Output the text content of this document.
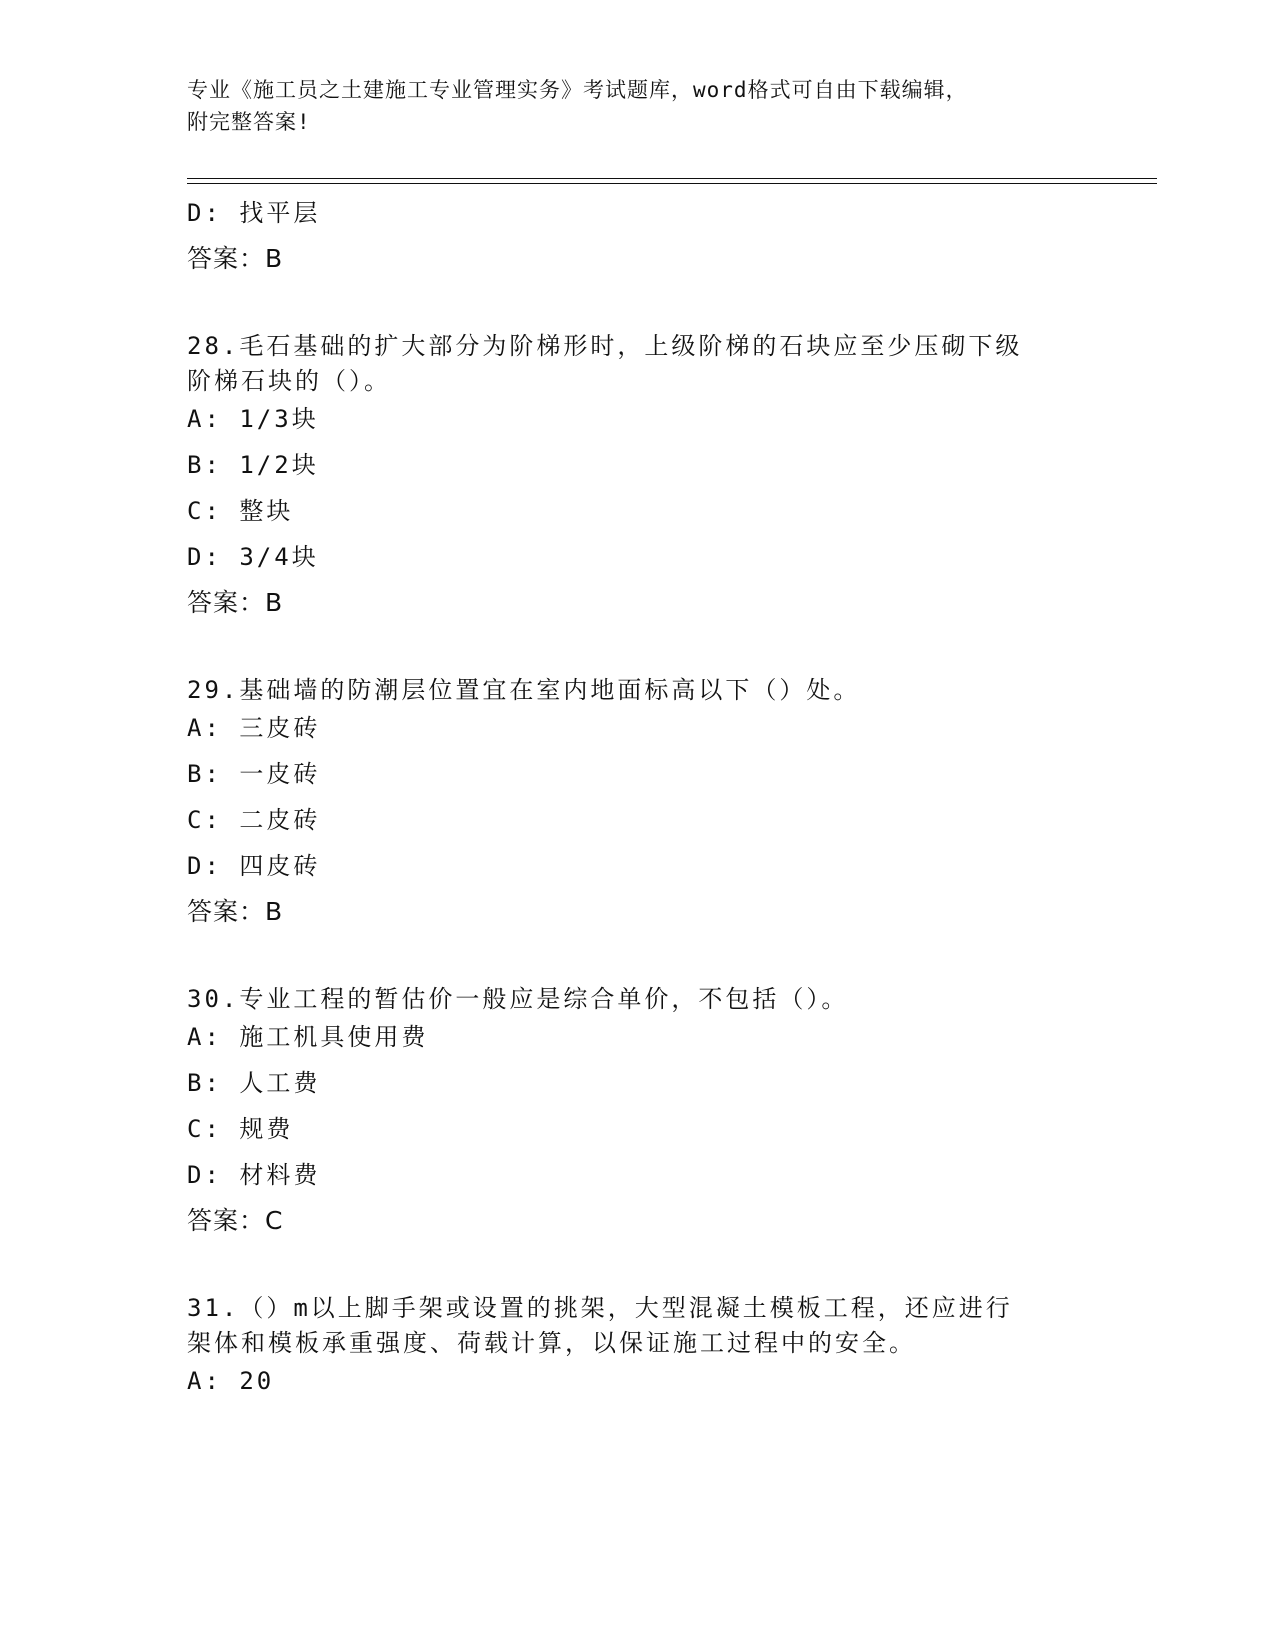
专业《施工员之土建施工专业管理实务》考试题库，word格式可自由下载编辑，
附完整答案!
D: 找平层
答案：B
28.毛石基础的扩大部分为阶梯形时，上级阶梯的石块应至少压砌下级
阶梯石块的（）。
A: 1/3块
B: 1/2块
C: 整块
D: 3/4块
答案：B
29.基础墙的防潮层位置宜在室内地面标高以下（）处。
A: 三皮砖
B: 一皮砖
C: 二皮砖
D: 四皮砖
答案：B
30.专业工程的暂估价一般应是综合单价，不包括（）。
A: 施工机具使用费
B: 人工费
C: 规费
D: 材料费
答案：C
31.（）m以上脚手架或设置的挑架，大型混凝土模板工程，还应进行
架体和模板承重强度、荷载计算，以保证施工过程中的安全。
A: 20
